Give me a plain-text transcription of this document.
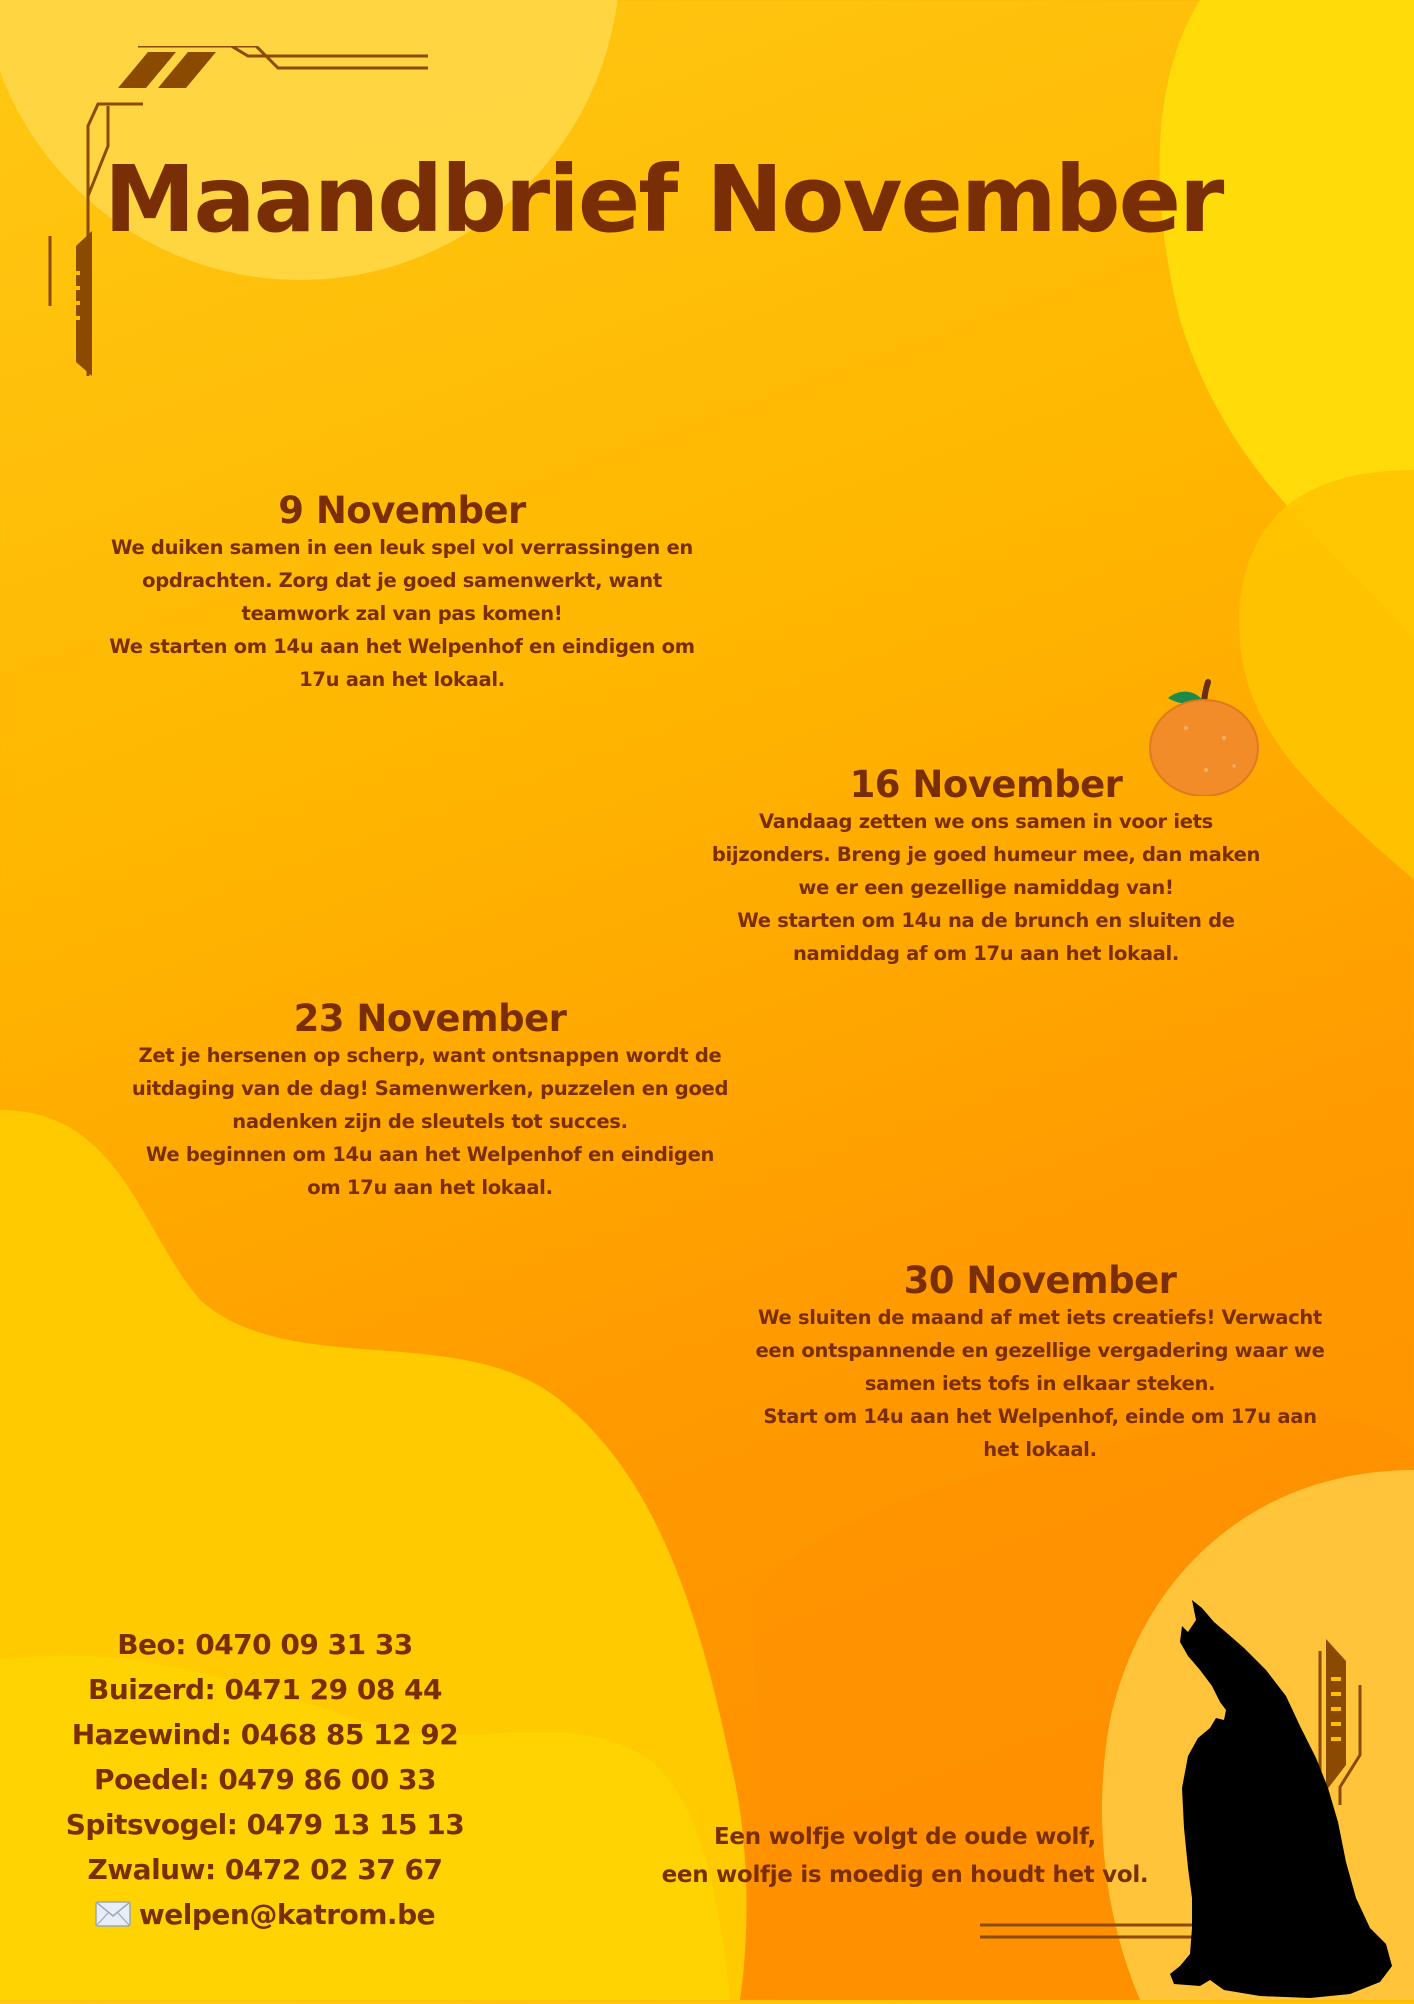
Maandbrief November
9 November
We duiken samen in een leuk spel vol verrassingen en
opdrachten. Zorg dat je goed samenwerkt, want
teamwork zal van pas komen!
We starten om 14u aan het Welpenhof en eindigen om
17u aan het lokaal.
16 November
Vandaag zetten we ons samen in voor iets
bijzonders. Breng je goed humeur mee, dan maken
we er een gezellige namiddag van!
We starten om 14u na de brunch en sluiten de
namiddag af om 17u aan het lokaal.
23 November
Zet je hersenen op scherp, want ontsnappen wordt de
uitdaging van de dag! Samenwerken, puzzelen en goed
nadenken zijn de sleutels tot succes.
We beginnen om 14u aan het Welpenhof en eindigen
om 17u aan het lokaal.
30 November
We sluiten de maand af met iets creatiefs! Verwacht
een ontspannende en gezellige vergadering waar we
samen iets tofs in elkaar steken.
Start om 14u aan het Welpenhof, einde om 17u aan
het lokaal.
Beo: 0470 09 31 33
Buizerd: 0471 29 08 44
Hazewind: 0468 85 12 92
Poedel: 0479 86 00 33
Spitsvogel: 0479 13 15 13
Zwaluw: 0472 02 37 67
welpen@katrom.be
Een wolfje volgt de oude wolf,
een wolfje is moedig en houdt het vol.
